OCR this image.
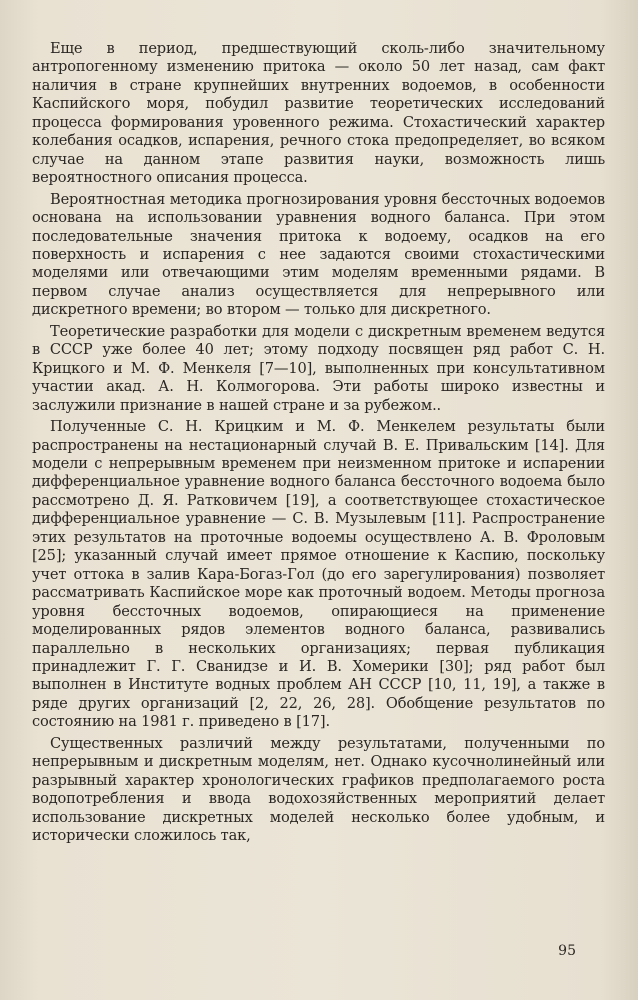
Еще в период, предшествующий сколь-либо значительному антропогенному изменению притока — около 50 лет назад, сам факт наличия в стране крупнейших внутренних водоемов, в особенности Каспийского моря, побудил развитие теоретических исследований процесса формирования уровенного режима. Стохастический характер колебания осадков, испарения, речного стока предопределяет, во всяком случае на данном этапе развития науки, возможность лишь вероятностного описания процесса.

Вероятностная методика прогнозирования уровня бессточных водоемов основана на использовании уравнения водного баланса. При этом последовательные значения притока к водоему, осадков на его поверхность и испарения с нее задаются своими стохастическими моделями или отвечающими этим моделям временными рядами. В первом случае анализ осуществляется для непрерывного или дискретного времени; во втором — только для дискретного.

Теоретические разработки для модели с дискретным временем ведутся в СССР уже более 40 лет; этому подходу посвящен ряд работ С. Н. Крицкого и М. Ф. Менкеля [7—10], выполненных при консультативном участии акад. А. Н. Колмогорова. Эти работы широко известны и заслужили признание в нашей стране и за рубежом..

Полученные С. Н. Крицким и М. Ф. Менкелем результаты были распространены на нестационарный случай В. Е. Привальским [14]. Для модели с непрерывным временем при неизменном притоке и испарении дифференциальное уравнение водного баланса бессточного водоема было рассмотрено Д. Я. Ратковичем [19], а соответствующее стохастическое дифференциальное уравнение — С. В. Музылевым [11]. Распространение этих результатов на проточные водоемы осуществлено А. В. Фроловым [25]; указанный случай имеет прямое отношение к Каспию, поскольку учет оттока в залив Кара-Богаз-Гол (до его зарегулирования) позволяет рассматривать Каспийское море как проточный водоем. Методы прогноза уровня бессточных водоемов, опирающиеся на применение моделированных рядов элементов водного баланса, развивались параллельно в нескольких организациях; первая публикация принадлежит Г. Г. Сванидзе и И. В. Хомерики [30]; ряд работ был выполнен в Институте водных проблем АН СССР [10, 11, 19], а также в ряде других организаций [2, 22, 26, 28]. Обобщение результатов по состоянию на 1981 г. приведено в [17].

Существенных различий между результатами, полученными по непрерывным и дискретным моделям, нет. Однако кусочнолинейный или разрывный характер хронологических графиков предполагаемого роста водопотребления и ввода водохозяйственных мероприятий делает использование дискретных моделей несколько более удобным, и исторически сложилось так,

95
